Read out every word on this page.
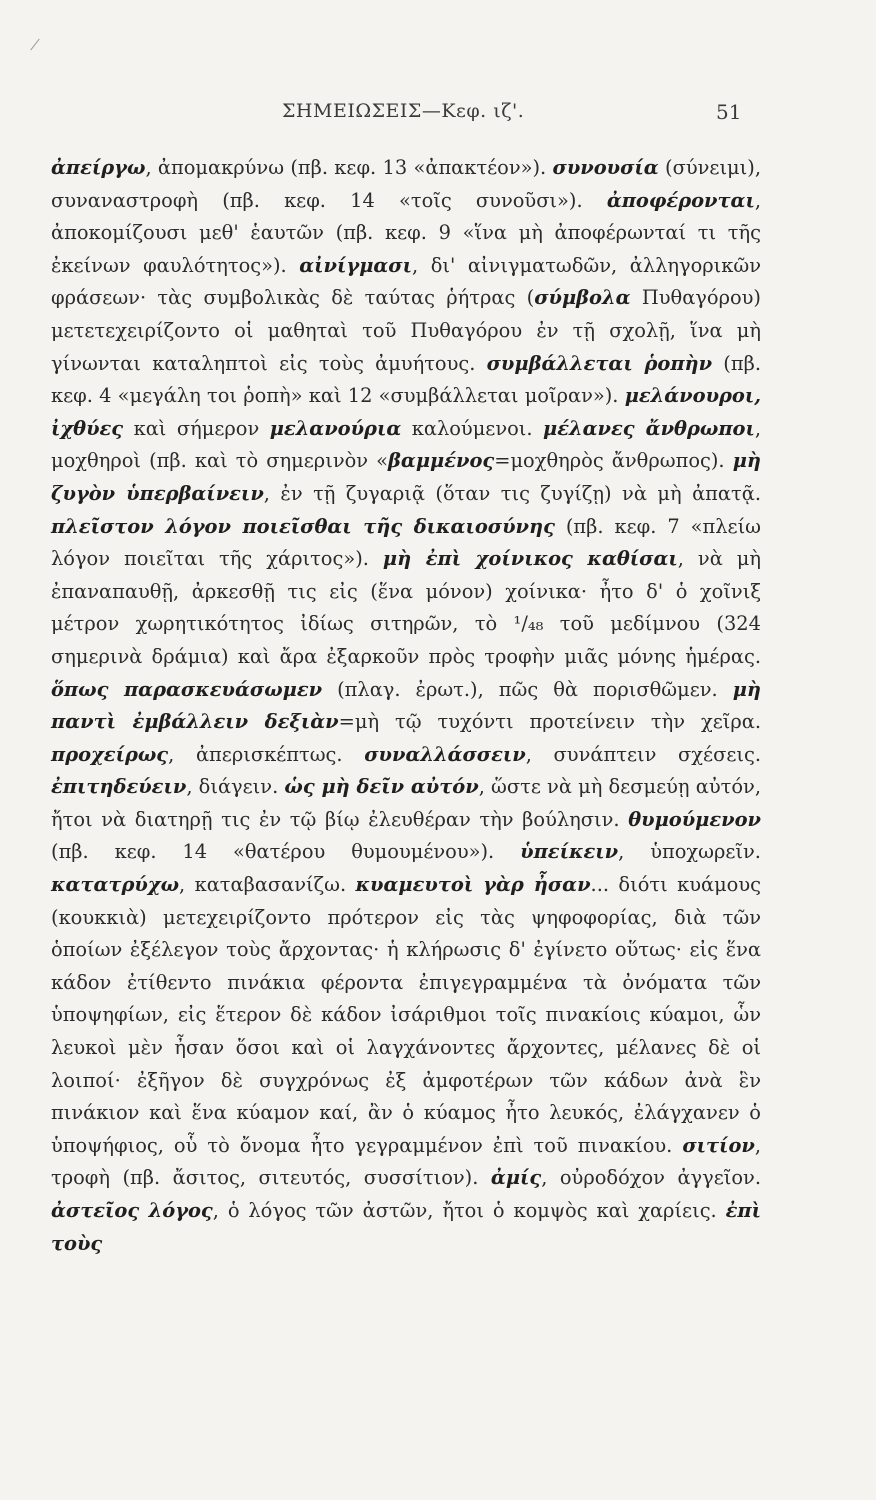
ΣΗΜΕΙΩΣΕΙΣ—Κεφ. ιζ'.	51

ἀπείργω, ἀπομακρύνω (πβ. κεφ. 13 «ἀπακτέον»). συνουσία (σύνειμι), συναναστροφὴ (πβ. κεφ. 14 «τοῖς συνοῦσι»). ἀποφέρονται, ἀποκομίζουσι μεθ' ἑαυτῶν (πβ. κεφ. 9 «ἵνα μὴ ἀποφέρωνταί τι τῆς ἐκείνων φαυλότητος»). αἰνίγμασι, δι' αἰνιγματωδῶν, ἀλληγορικῶν φράσεων· τὰς συμβολικὰς δὲ ταύτας ῥήτρας (σύμβολα Πυθαγόρου) μετετεχειρίζοντο οἱ μαθηταὶ τοῦ Πυθαγόρου ἐν τῇ σχολῇ, ἵνα μὴ γίνωνται καταληπτοὶ εἰς τοὺς ἀμυήτους. συμβάλλεται ῥοπὴν (πβ. κεφ. 4 «μεγάλη τοι ῥοπὴ» καὶ 12 «συμβάλλεται μοῖραν»). μελάνουροι, ἰχθύες καὶ σήμερον μελανούρια καλούμενοι. μέλανες ἄνθρωποι, μοχθηροὶ (πβ. καὶ τὸ σημερινὸν «βαμμένος=μοχθηρὸς ἄνθρωπος). μὴ ζυγὸν ὑπερβαίνειν, ἐν τῇ ζυγαριᾷ (ὅταν τις ζυγίζῃ) νὰ μὴ ἀπατᾷ. πλεῖστον λόγον ποιεῖσθαι τῆς δικαιοσύνης (πβ. κεφ. 7 «πλείω λόγον ποιεῖται τῆς χάριτος»). μὴ ἐπὶ χοίνικος καθίσαι, νὰ μὴ ἐπαναπαυθῇ, ἀρκεσθῇ τις εἰς (ἕνα μόνον) χοίνικα· ἦτο δ' ὁ χοῖνιξ μέτρον χωρητικότητος ἰδίως σιτηρῶν, τὸ ¹/₄₈ τοῦ μεδίμνου (324 σημερινὰ δράμια) καὶ ἄρα ἐξαρκοῦν πρὸς τροφὴν μιᾶς μόνης ἡμέρας. ὅπως παρασκευάσωμεν (πλαγ. ἐρωτ.), πῶς θὰ πορισθῶμεν. μὴ παντὶ ἐμβάλλειν δεξιὰν=μὴ τῷ τυχόντι προτείνειν τὴν χεῖρα. προχείρως, ἀπερισκέπτως. συναλλάσσειν, συνάπτειν σχέσεις. ἐπιτηδεύειν, διάγειν. ὡς μὴ δεῖν αὐτόν, ὥστε νὰ μὴ δεσμεύῃ αὐτόν, ἤτοι νὰ διατηρῇ τις ἐν τῷ βίῳ ἐλευθέραν τὴν βούλησιν. θυμούμενον (πβ. κεφ. 14 «θατέρου θυμουμένου»). ὑπείκειν, ὑποχωρεῖν. κατατρύχω, καταβασανίζω. κυαμευτοὶ γὰρ ἦσαν... διότι κυάμους (κουκκιὰ) μετεχειρίζοντο πρότερον εἰς τὰς ψηφοφορίας, διὰ τῶν ὁποίων ἐξέλεγον τοὺς ἄρχοντας· ἡ κλήρωσις δ' ἐγίνετο οὕτως· εἰς ἕνα κάδον ἐτίθεντο πινάκια φέροντα ἐπιγεγραμμένα τὰ ὀνόματα τῶν ὑποψηφίων, εἰς ἕτερον δὲ κάδον ἰσάριθμοι τοῖς πινακίοις κύαμοι, ὧν λευκοὶ μὲν ἦσαν ὅσοι καὶ οἱ λαγχάνοντες ἄρχοντες, μέλανες δὲ οἱ λοιποί· ἐξῆγον δὲ συγχρόνως ἐξ ἀμφοτέρων τῶν κάδων ἀνὰ ἓν πινάκιον καὶ ἕνα κύαμον καί, ἂν ὁ κύαμος ἦτο λευκός, ἐλάγχανεν ὁ ὑποψήφιος, οὗ τὸ ὄνομα ἦτο γεγραμμένον ἐπὶ τοῦ πινακίου. σιτίον, τροφὴ (πβ. ἄσιτος, σιτευτός, συσσίτιον). ἀμίς, οὐροδόχον ἀγγεῖον. ἀστεῖος λόγος, ὁ λόγος τῶν ἀστῶν, ἤτοι ὁ κομψὸς καὶ χαρίεις. ἐπὶ τοὺς
